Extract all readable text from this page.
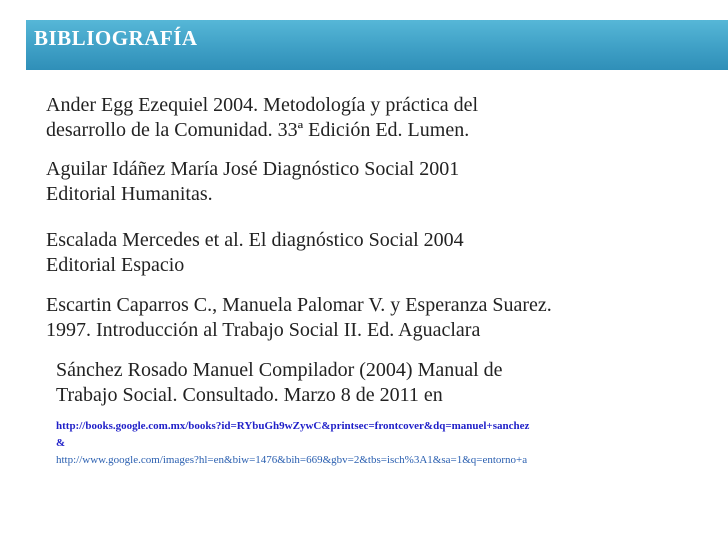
BIBLIOGRAFÍA
Ander Egg Ezequiel 2004. Metodología y práctica del
desarrollo de la Comunidad. 33ª Edición Ed. Lumen.
Aguilar Idáñez María José Diagnóstico Social 2001
Editorial Humanitas.
Escalada Mercedes et al. El diagnóstico Social 2004
Editorial Espacio
Escartin Caparros C., Manuela Palomar V. y Esperanza Suarez.
1997. Introducción al Trabajo Social II. Ed. Aguaclara
Sánchez Rosado Manuel Compilador (2004) Manual de
Trabajo Social. Consultado. Marzo 8 de 2011 en
http://books.google.com.mx/books?id=RYbuGh9wZywC&printsec=frontcover&dq=manuel+sanchez
&
http://www.google.com/images?hl=en&biw=1476&bih=669&gbv=2&tbs=isch%3A1&sa=1&q=entorno+a
